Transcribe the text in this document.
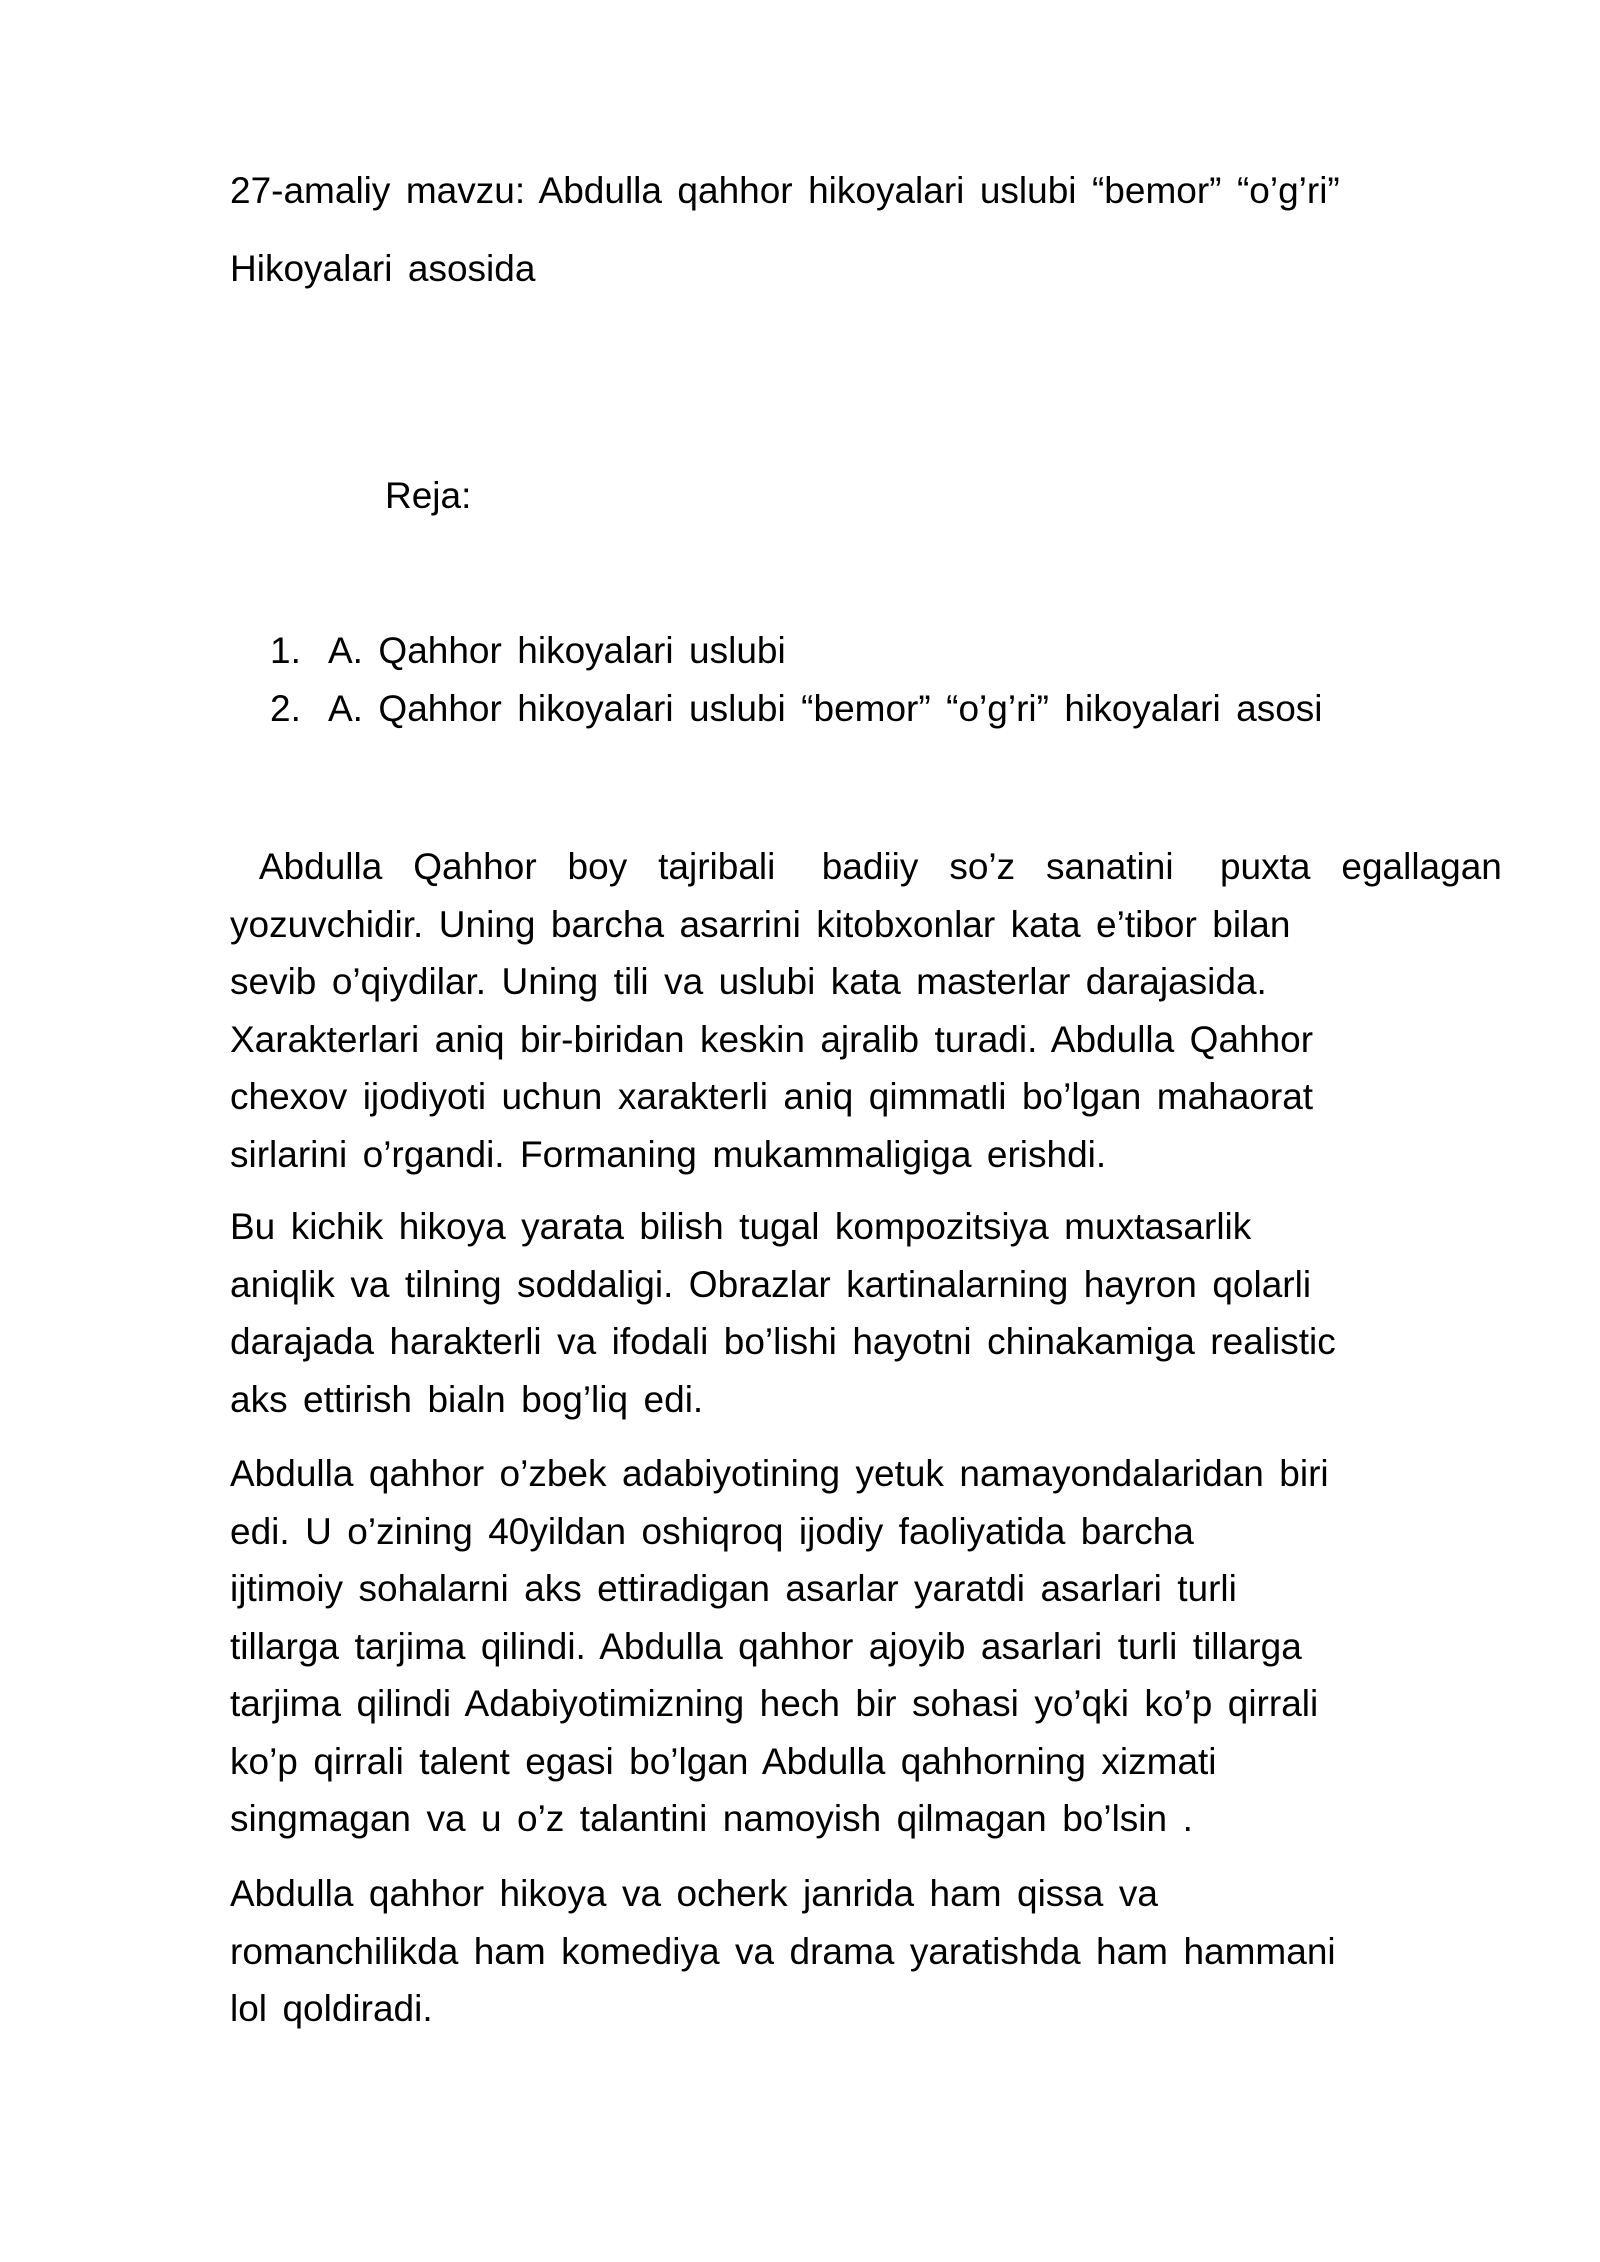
27-amaliy mavzu: Abdulla qahhor hikoyalari uslubi “bemor” “o’g’ri”
Hikoyalari asosida
Reja:
1. A. Qahhor hikoyalari uslubi
2. A. Qahhor hikoyalari uslubi “bemor” “o’g’ri” hikoyalari asosi
Abdulla  Qahhor  boy  tajribali   badiiy  so’z  sanatini   puxta  egallagan
yozuvchidir. Uning barcha asarrini kitobxonlar kata e’tibor bilan
sevib o’qiydilar. Uning tili va uslubi kata masterlar darajasida.
Xarakterlari aniq bir-biridan keskin ajralib turadi. Abdulla Qahhor
chexov ijodiyoti uchun xarakterli aniq qimmatli bo’lgan mahaorat
sirlarini o’rgandi. Formaning mukammaligiga erishdi.
Bu kichik hikoya yarata bilish tugal kompozitsiya muxtasarlik
aniqlik va tilning soddaligi. Obrazlar kartinalarning hayron qolarli
darajada harakterli va ifodali bo’lishi hayotni chinakamiga realistic
aks ettirish bialn bog’liq edi.
Abdulla qahhor o’zbek adabiyotining yetuk namayondalaridan biri
edi. U o’zining 40yildan oshiqroq ijodiy faoliyatida barcha
ijtimoiy sohalarni aks ettiradigan asarlar yaratdi asarlari turli
tillarga tarjima qilindi. Abdulla qahhor ajoyib asarlari turli tillarga
tarjima qilindi Adabiyotimizning hech bir sohasi yo’qki ko’p qirrali
ko’p qirrali talent egasi bo’lgan Abdulla qahhorning xizmati
singmagan va u o’z talantini namoyish qilmagan bo’lsin .
Abdulla qahhor hikoya va ocherk janrida ham qissa va
romanchilikda ham komediya va drama yaratishda ham hammani
lol qoldiradi.
